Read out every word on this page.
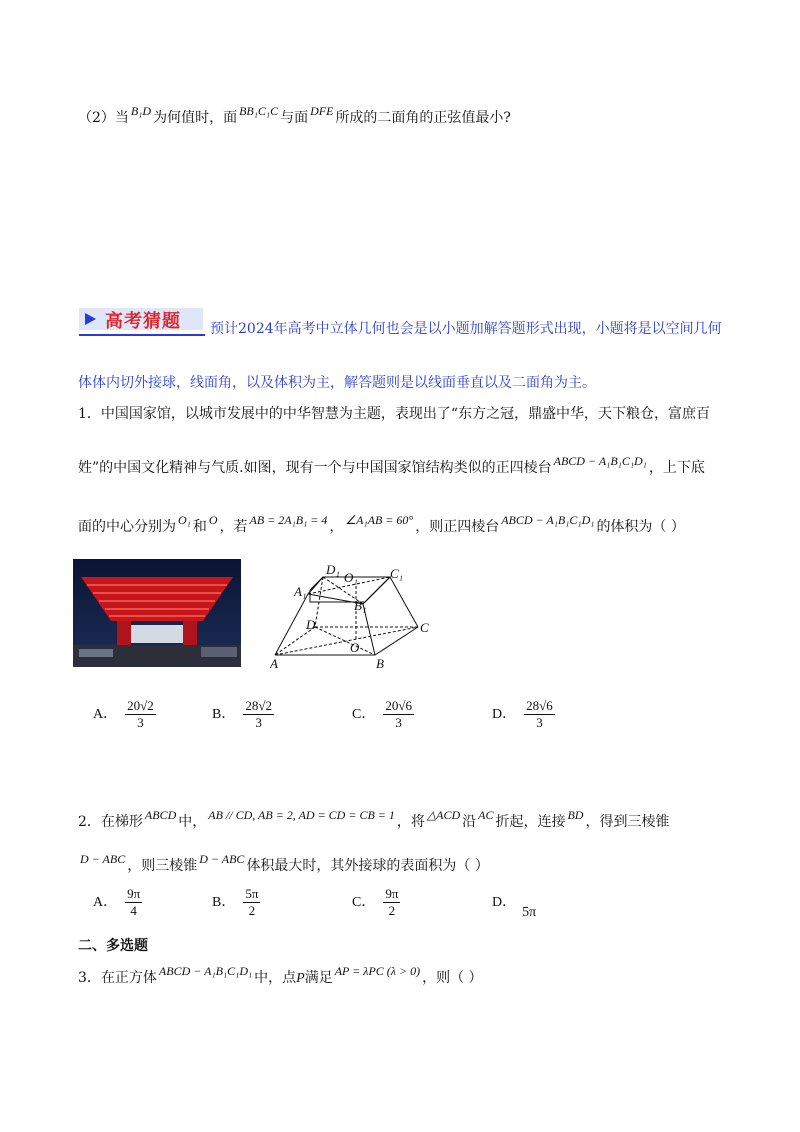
（2）当 B₁D 为何值时，面 BB₁C₁C 与面 DFE 所成的二面角的正弦值最小?
高考猜题 预计2024年高考中立体几何也会是以小题加解答题形式出现，小题将是以空间几何
体体内切外接球，线面角，以及体积为主，解答题则是以线面垂直以及二面角为主。
1．中国国家馆，以城市发展中的中华智慧为主题，表现出了“东方之冠，鼎盛中华，天下粮仓，富庶百
姓”的中国文化精神与气质.如图，现有一个与中国国家馆结构类似的正四棱台 ABCD − A₁B₁C₁D₁ ，上下底
面的中心分别为 O₁ 和 O ，若 AB = 2A₁B₁ = 4 ， ∠A₁AB = 60° ，则正四棱台 ABCD − A₁B₁C₁D₁ 的体积为（ ）
D₁
O₁ C₁
A₁
B₁
D	C
O
A	B
A． $\frac{20√2}{3}$	B． $\frac{28√2}{3}$	C． $\frac{20√6}{3}$	D． $\frac{28√6}{3}$
2．在梯形 ABCD 中， AB // CD, AB = 2, AD = CD = CB = 1 ，将 △ACD 沿 AC 折起，连接 BD ，得到三棱锥
D − ABC ，则三棱锥 D − ABC 体积最大时，其外接球的表面积为（ ）
A． $\frac{9\pi}{4}$	B． $\frac{5\pi}{2}$	C． $\frac{9\pi}{2}$	D．
5π
二、多选题
3．在正方体 ABCD − A₁B₁C₁D₁ 中，点P满足 AP = λPC (λ > 0) ，则（ ）
